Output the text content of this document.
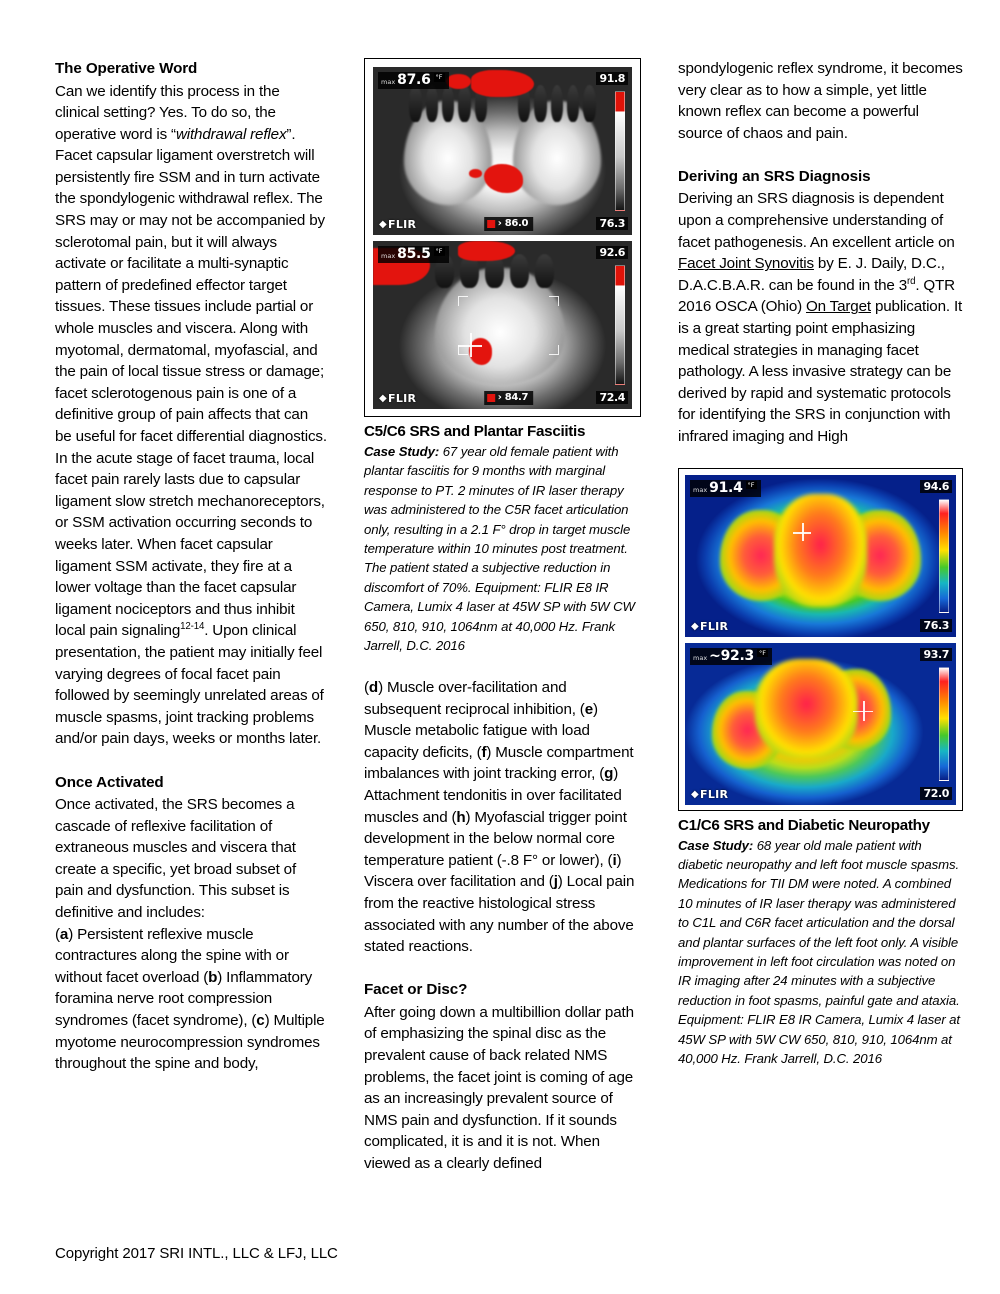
The Operative Word

Can we identify this process in the clinical setting? Yes. To do so, the operative word is “withdrawal reflex”. Facet capsular ligament overstretch will persistently fire SSM and in turn activate the spondylogenic withdrawal reflex. The SRS may or may not be accompanied by sclerotomal pain, but it will always activate or facilitate a multi-synaptic pattern of predefined effector target tissues. These tissues include partial or whole muscles and viscera. Along with myotomal, dermatomal, myofascial, and the pain of local tissue stress or damage; facet sclerotogenous pain is one of a definitive group of pain affects that can be useful for facet differential diagnostics. In the acute stage of facet trauma, local facet pain rarely lasts due to capsular ligament slow stretch mechanoreceptors, or SSM activation occurring seconds to weeks later. When facet capsular ligament SSM activate, they fire at a lower voltage than the facet capsular ligament nociceptors and thus inhibit local pain signaling$^{12-14}$. Upon clinical presentation, the patient may initially feel varying degrees of focal facet pain followed by seemingly unrelated areas of muscle spasms, joint tracking problems and/or pain days, weeks or months later.

Once Activated

Once activated, the SRS becomes a cascade of reflexive facilitation of extraneous muscles and viscera that create a specific, yet broad subset of pain and dysfunction. This subset is definitive and includes:
(a) Persistent reflexive muscle contractures along the spine with or without facet overload (b) Inflammatory foramina nerve root compression syndromes (facet syndrome), (c) Multiple myotome neurocompression syndromes throughout the spine and body,

max 87.6 °F	91.8
76.3
› 86.0
◆ FLIR
max 85.5 °F	92.6
72.4
› 84.7
◆ FLIR
C5/C6 SRS and Plantar Fasciitis

Case Study: 67 year old female patient with plantar fasciitis for 9 months with marginal response to PT. 2 minutes of IR laser therapy was administered to the C5R facet articulation only, resulting in a 2.1 F° drop in target muscle temperature within 10 minutes post treatment. The patient stated a subjective reduction in discomfort of 70%. Equipment: FLIR E8 IR Camera, Lumix 4 laser at 45W SP with 5W CW 650, 810, 910, 1064nm at 40,000 Hz. Frank Jarrell, D.C. 2016

(d) Muscle over-facilitation and subsequent reciprocal inhibition, (e) Muscle metabolic fatigue with load capacity deficits, (f) Muscle compartment imbalances with joint tracking error, (g) Attachment tendonitis in over facilitated muscles and (h) Myofascial trigger point development in the below normal core temperature patient (-.8 F° or lower), (i) Viscera over facilitation and (j) Local pain from the reactive histological stress associated with any number of the above stated reactions.

Facet or Disc?

After going down a multibillion dollar path of emphasizing the spinal disc as the prevalent cause of back related NMS problems, the facet joint is coming of age as an increasingly prevalent source of NMS pain and dysfunction. If it sounds complicated, it is and it is not. When viewed as a clearly defined

spondylogenic reflex syndrome, it becomes very clear as to how a simple, yet little known reflex can become a powerful source of chaos and pain.

Deriving an SRS Diagnosis

Deriving an SRS diagnosis is dependent upon a comprehensive understanding of facet pathogenesis. An excellent article on Facet Joint Synovitis by E. J. Daily, D.C., D.A.C.B.A.R. can be found in the 3rd. QTR 2016 OSCA (Ohio) On Target publication. It is a great starting point emphasizing medical strategies in managing facet pathology. A less invasive strategy can be derived by rapid and systematic protocols for identifying the SRS in conjunction with infrared imaging and High

max 91.4 °F	94.6
76.3
◆ FLIR
max ~92.3 °F	93.7
72.0
◆ FLIR
C1/C6 SRS and Diabetic Neuropathy

Case Study: 68 year old male patient with diabetic neuropathy and left foot muscle spasms. Medications for TII DM were noted. A combined 10 minutes of IR laser therapy was administered to C1L and C6R facet articulation and the dorsal and plantar surfaces of the left foot only. A visible improvement in left foot circulation was noted on IR imaging after 24 minutes with a subjective reduction in foot spasms, painful gate and ataxia. Equipment: FLIR E8 IR Camera, Lumix 4 laser at 45W SP with 5W CW 650, 810, 910, 1064nm at 40,000 Hz. Frank Jarrell, D.C. 2016

Copyright 2017 SRI INTL., LLC & LFJ, LLC
